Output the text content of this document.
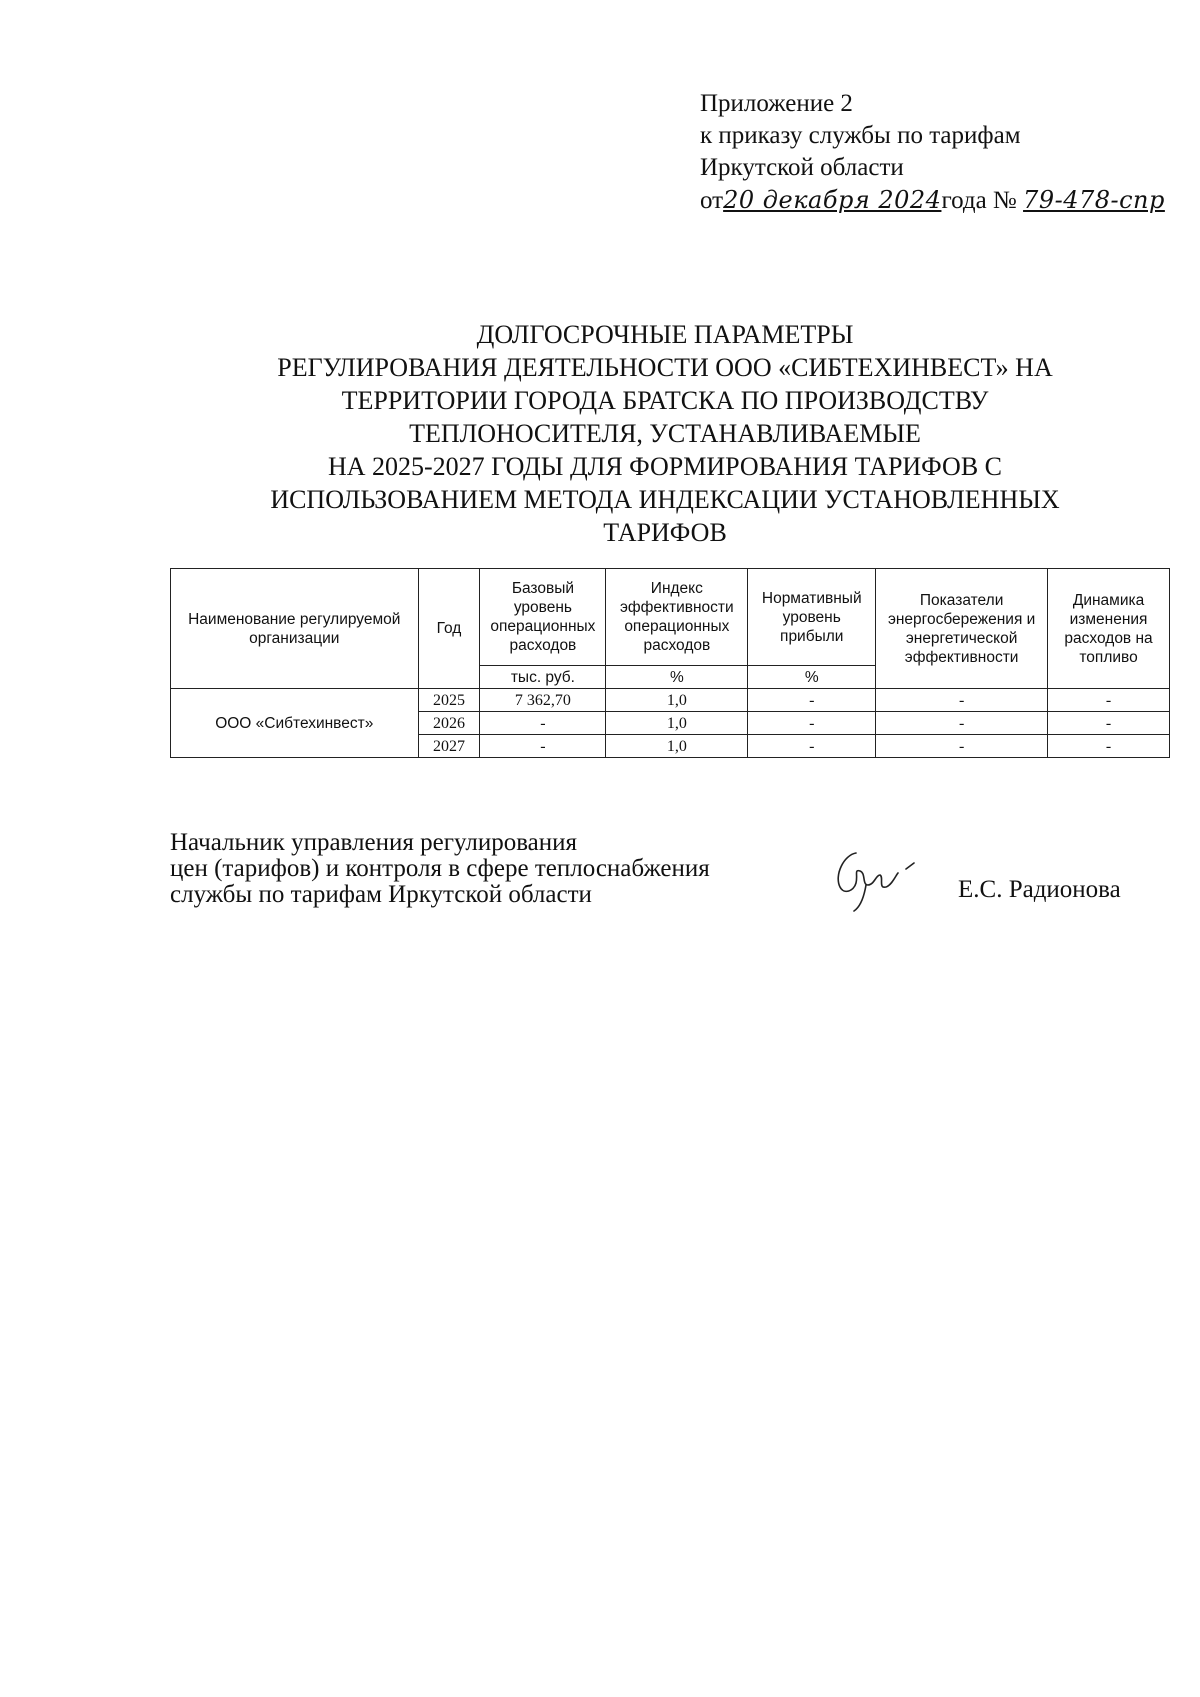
Приложение 2
к приказу службы по тарифам
Иркутской области
от20 декабря 2024года № 79-478-спр
ДОЛГОСРОЧНЫЕ ПАРАМЕТРЫ
РЕГУЛИРОВАНИЯ ДЕЯТЕЛЬНОСТИ ООО «СИБТЕХИНВЕСТ» НА
ТЕРРИТОРИИ ГОРОДА БРАТСКА ПО ПРОИЗВОДСТВУ
ТЕПЛОНОСИТЕЛЯ, УСТАНАВЛИВАЕМЫЕ
НА 2025-2027 ГОДЫ ДЛЯ ФОРМИРОВАНИЯ ТАРИФОВ С
ИСПОЛЬЗОВАНИЕМ МЕТОДА ИНДЕКСАЦИИ УСТАНОВЛЕННЫХ
ТАРИФОВ
Наименование регулируемой организации	Год	Базовый уровень операционных расходов	Индекс эффективности операционных расходов	Нормативный уровень прибыли	Показатели энергосбережения и энергетической эффективности	Динамика изменения расходов на топливо
		тыс. руб.	%	%		
ООО «Сибтехинвест»	2025	7 362,70	1,0	-	-	-
	2026	-	1,0	-	-	-
	2027	-	1,0	-	-	-
Начальник управления регулирования
цен (тарифов) и контроля в сфере теплоснабжения
службы по тарифам Иркутской области	Е.С. Радионова
